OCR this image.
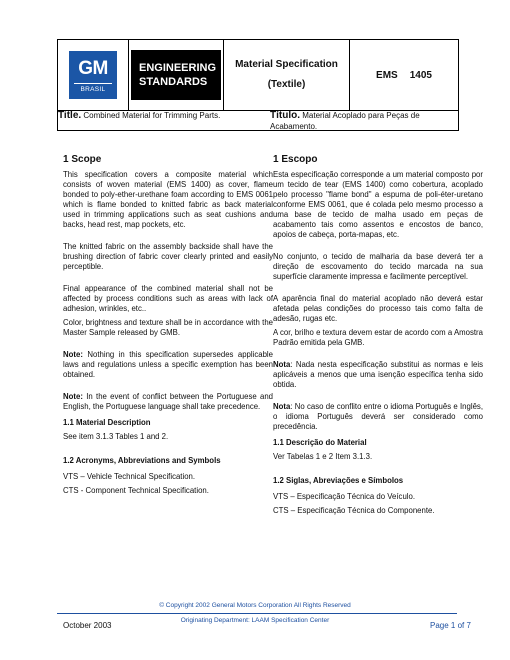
GM
BRASIL
ENGINEERING
STANDARDS
Material Specification
(Textile)
EMS 1405
Title. Combined Material for Trimming Parts.	Título. Material Acoplado para Peças de Acabamento.
1 Scope	1 Escopo

This specification covers a composite material which consists of woven material (EMS 1400) as cover, flame bonded to poly-ether-urethane foam according to EMS 0061 which is flame bonded to knitted fabric as back material used in trimming applications such as seat cushions and backs, head rest, map pockets, etc.

The knitted fabric on the assembly backside shall have the brushing direction of fabric cover clearly printed and easily perceptible.

Final appearance of the combined material shall not be affected by process conditions such as areas with lack of adhesion, wrinkles, etc..

Color, brightness and texture shall be in accordance with the Master Sample released by GMB.

Note: Nothing in this specification supersedes applicable laws and regulations unless a specific exemption has been obtained.

Note: In the event of conflict between the Portuguese and English, the Portuguese language shall take precedence.

1.1 Material Description

See item 3.1.3 Tables 1 and 2.

1.2 Acronyms, Abbreviations and Symbols

VTS – Vehicle Technical Specification.

CTS - Component Technical Specification.

Esta especificação corresponde a um material composto por um tecido de tear (EMS 1400) como cobertura, acoplado pelo processo "flame bond" a espuma de poli-éter-uretano conforme EMS 0061, que é colada pelo mesmo processo a uma base de tecido de malha usado em peças de acabamento tais como assentos e encostos de banco, apoios de cabeça, porta-mapas, etc.

No conjunto, o tecido de malharia da base deverá ter a direção de escovamento do tecido marcada na sua superfície claramente impressa e facilmente perceptível.

A aparência final do material acoplado não deverá estar afetada pelas condições do processo tais como falta de adesão, rugas etc.

A cor, brilho e textura devem estar de acordo com a Amostra Padrão emitida pela GMB.

Nota: Nada nesta especificação substitui as normas e leis aplicáveis a menos que uma isenção específica tenha sido obtida.

Nota: No caso de conflito entre o idioma Português e Inglês, o idioma Português deverá ser considerado como precedência.

1.1 Descrição do Material

Ver Tabelas 1 e 2 Item 3.1.3.

1.2 Siglas, Abreviações e Símbolos

VTS – Especificação Técnica do Veículo.

CTS – Especificação Técnica do Componente.

© Copyright 2002 General Motors Corporation All Rights Reserved
October 2003
Originating Department: LAAM Specification Center
Page 1 of 7
